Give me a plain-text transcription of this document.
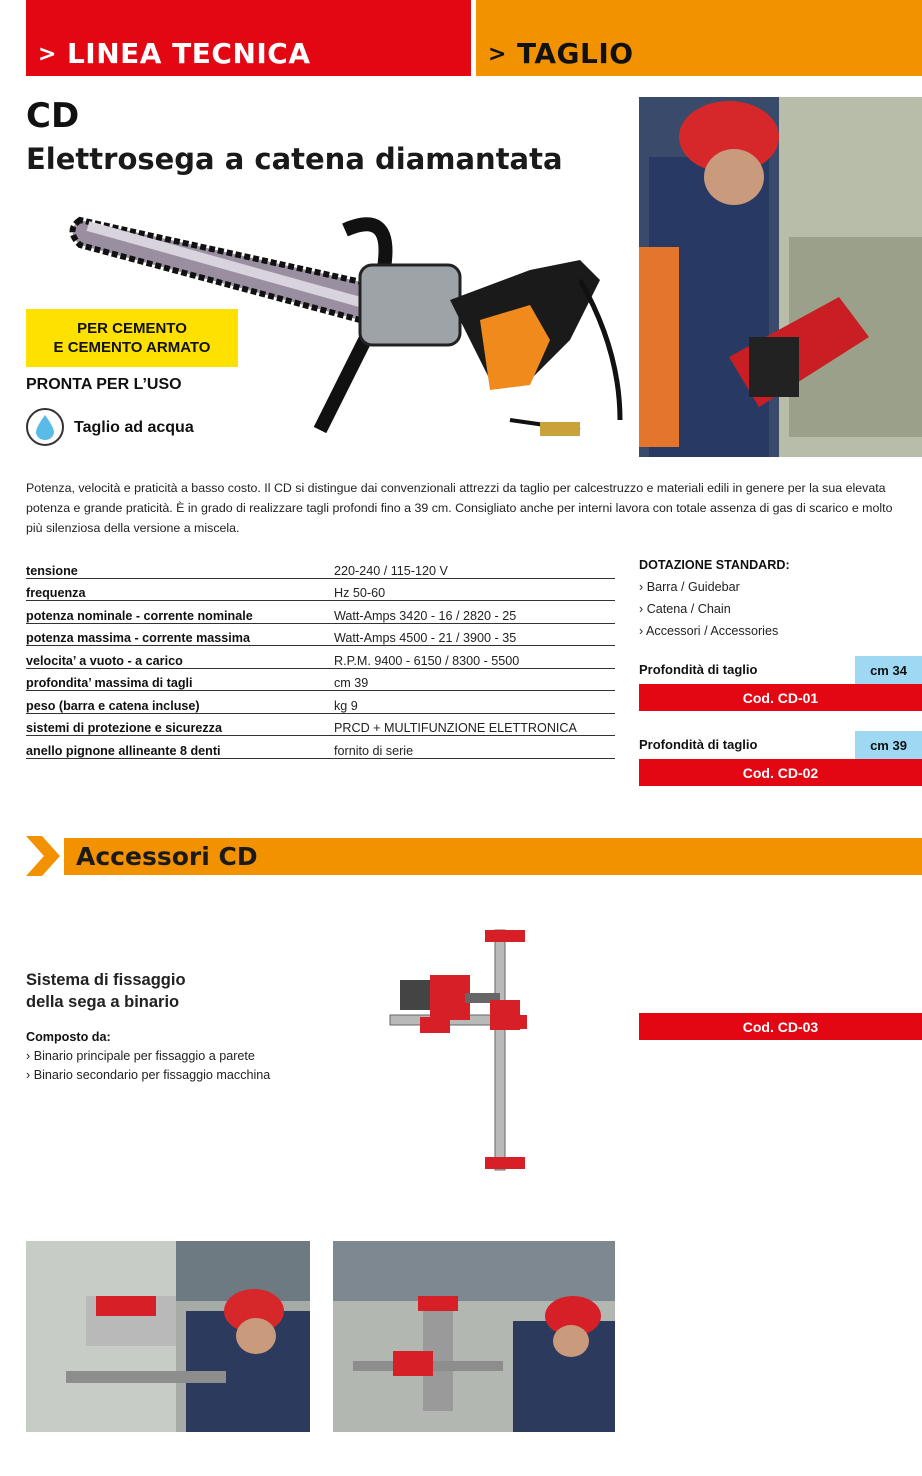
> LINEA TECNICA	> TAGLIO
CD
Elettrosega a catena diamantata
PER CEMENTO
E CEMENTO ARMATO
PRONTA PER L’USO
Taglio ad acqua
Potenza, velocità e praticità a basso costo. Il CD si distingue dai convenzionali attrezzi da taglio per calcestruzzo e materiali edili in genere per la sua elevata
potenza e grande praticità. È in grado di realizzare tagli profondi fino a 39 cm. Consigliato anche per interni lavora con totale assenza di gas di scarico e molto
più silenziosa della versione a miscela.
tensione	220-240 / 115-120 V
frequenza	Hz 50-60
potenza nominale - corrente nominale	Watt-Amps 3420 - 16 / 2820 - 25
potenza massima - corrente massima	Watt-Amps 4500 - 21 / 3900 - 35
velocita’ a vuoto - a carico	R.P.M. 9400 - 6150 / 8300 - 5500
profondita’ massima di tagli	cm 39
peso (barra e catena incluse)	kg 9
sistemi di protezione e sicurezza	PRCD + MULTIFUNZIONE ELETTRONICA
anello pignone allineante 8 denti	fornito di serie
DOTAZIONE STANDARD:
› Barra / Guidebar
› Catena / Chain
› Accessori / Accessories
Profondità di taglio	cm 34
Cod. CD-01
Profondità di taglio	cm 39
Cod. CD-02
Accessori CD
Sistema di fissaggio
della sega a binario
Composto da:
› Binario principale per fissaggio a parete
› Binario secondario per fissaggio macchina
Cod. CD-03
